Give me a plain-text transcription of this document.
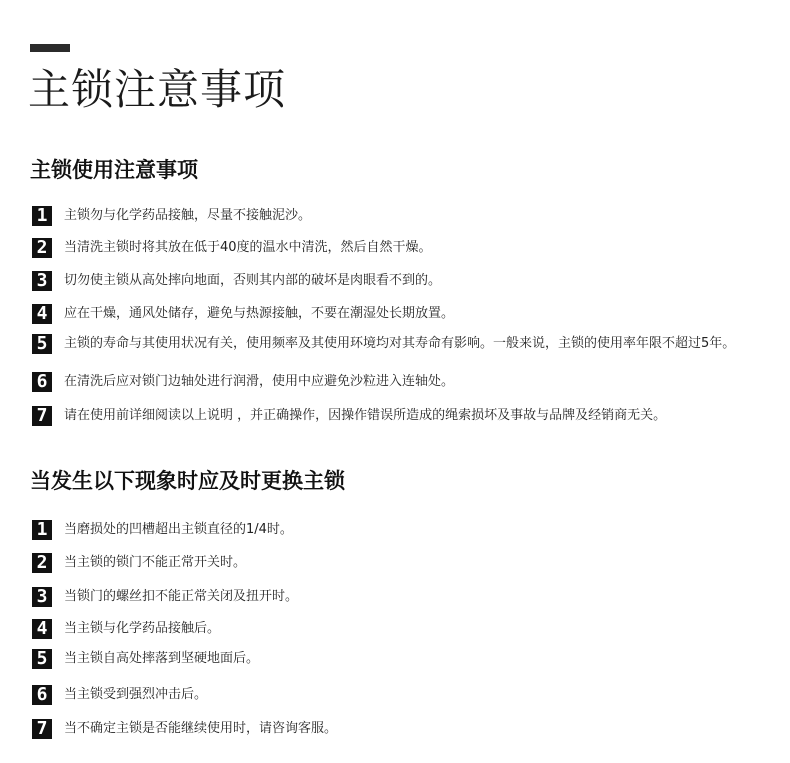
主锁注意事项
主锁使用注意事项
1	主锁勿与化学药品接触，尽量不接触泥沙。
2	当清洗主锁时将其放在低于40度的温水中清洗，然后自然干燥。
3	切勿使主锁从高处摔向地面，否则其内部的破坏是肉眼看不到的。
4	应在干燥，通风处储存，避免与热源接触，不要在潮湿处长期放置。
5	主锁的寿命与其使用状况有关，使用频率及其使用环境均对其寿命有影响。一般来说，主锁的使用率年限不超过5年。
6	在清洗后应对锁门边轴处进行润滑，使用中应避免沙粒进入连轴处。
7	请在使用前详细阅读以上说明 ，并正确操作，因操作错误所造成的绳索损坏及事故与品牌及经销商无关。
当发生以下现象时应及时更换主锁
1	当磨损处的凹槽超出主锁直径的1/4时。
2	当主锁的锁门不能正常开关时。
3	当锁门的螺丝扣不能正常关闭及扭开时。
4	当主锁与化学药品接触后。
5	当主锁自高处摔落到坚硬地面后。
6	当主锁受到强烈冲击后。
7	当不确定主锁是否能继续使用时，请咨询客服。
